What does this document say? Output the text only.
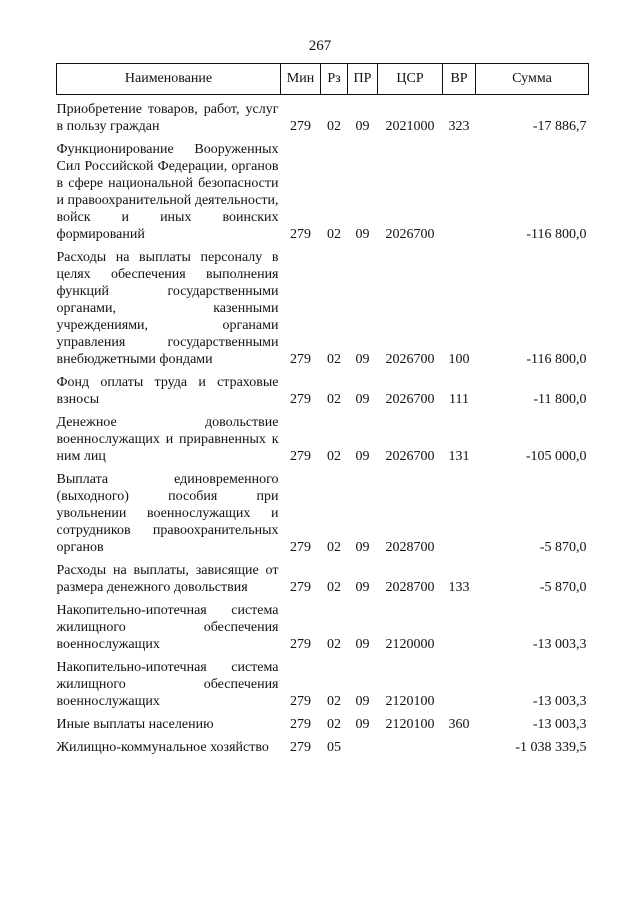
267
Наименование	Мин	Рз	ПР	ЦСР	ВР	Сумма
Приобретение товаров, работ, услуг в пользу граждан	279	02	09	2021000	323	-17 886,7
Функционирование Вооруженных Сил Российской Федерации, органов в сфере национальной безопасности и правоохранительной деятельности, войск и иных воинских формирований	279	02	09	2026700		-116 800,0
Расходы на выплаты персоналу в целях обеспечения выполнения функций государственными органами, казенными учреждениями, органами управления государственными внебюджетными фондами	279	02	09	2026700	100	-116 800,0
Фонд оплаты труда и страховые взносы	279	02	09	2026700	111	-11 800,0
Денежное довольствие военнослужащих и приравненных к ним лиц	279	02	09	2026700	131	-105 000,0
Выплата единовременного (выходного) пособия при увольнении военнослужащих и сотрудников правоохранительных органов	279	02	09	2028700		-5 870,0
Расходы на выплаты, зависящие от размера денежного довольствия	279	02	09	2028700	133	-5 870,0
Накопительно-ипотечная система жилищного обеспечения военнослужащих	279	02	09	2120000		-13 003,3
Накопительно-ипотечная система жилищного обеспечения военнослужащих	279	02	09	2120100		-13 003,3
Иные выплаты населению	279	02	09	2120100	360	-13 003,3
Жилищно-коммунальное хозяйство	279	05				-1 038 339,5
